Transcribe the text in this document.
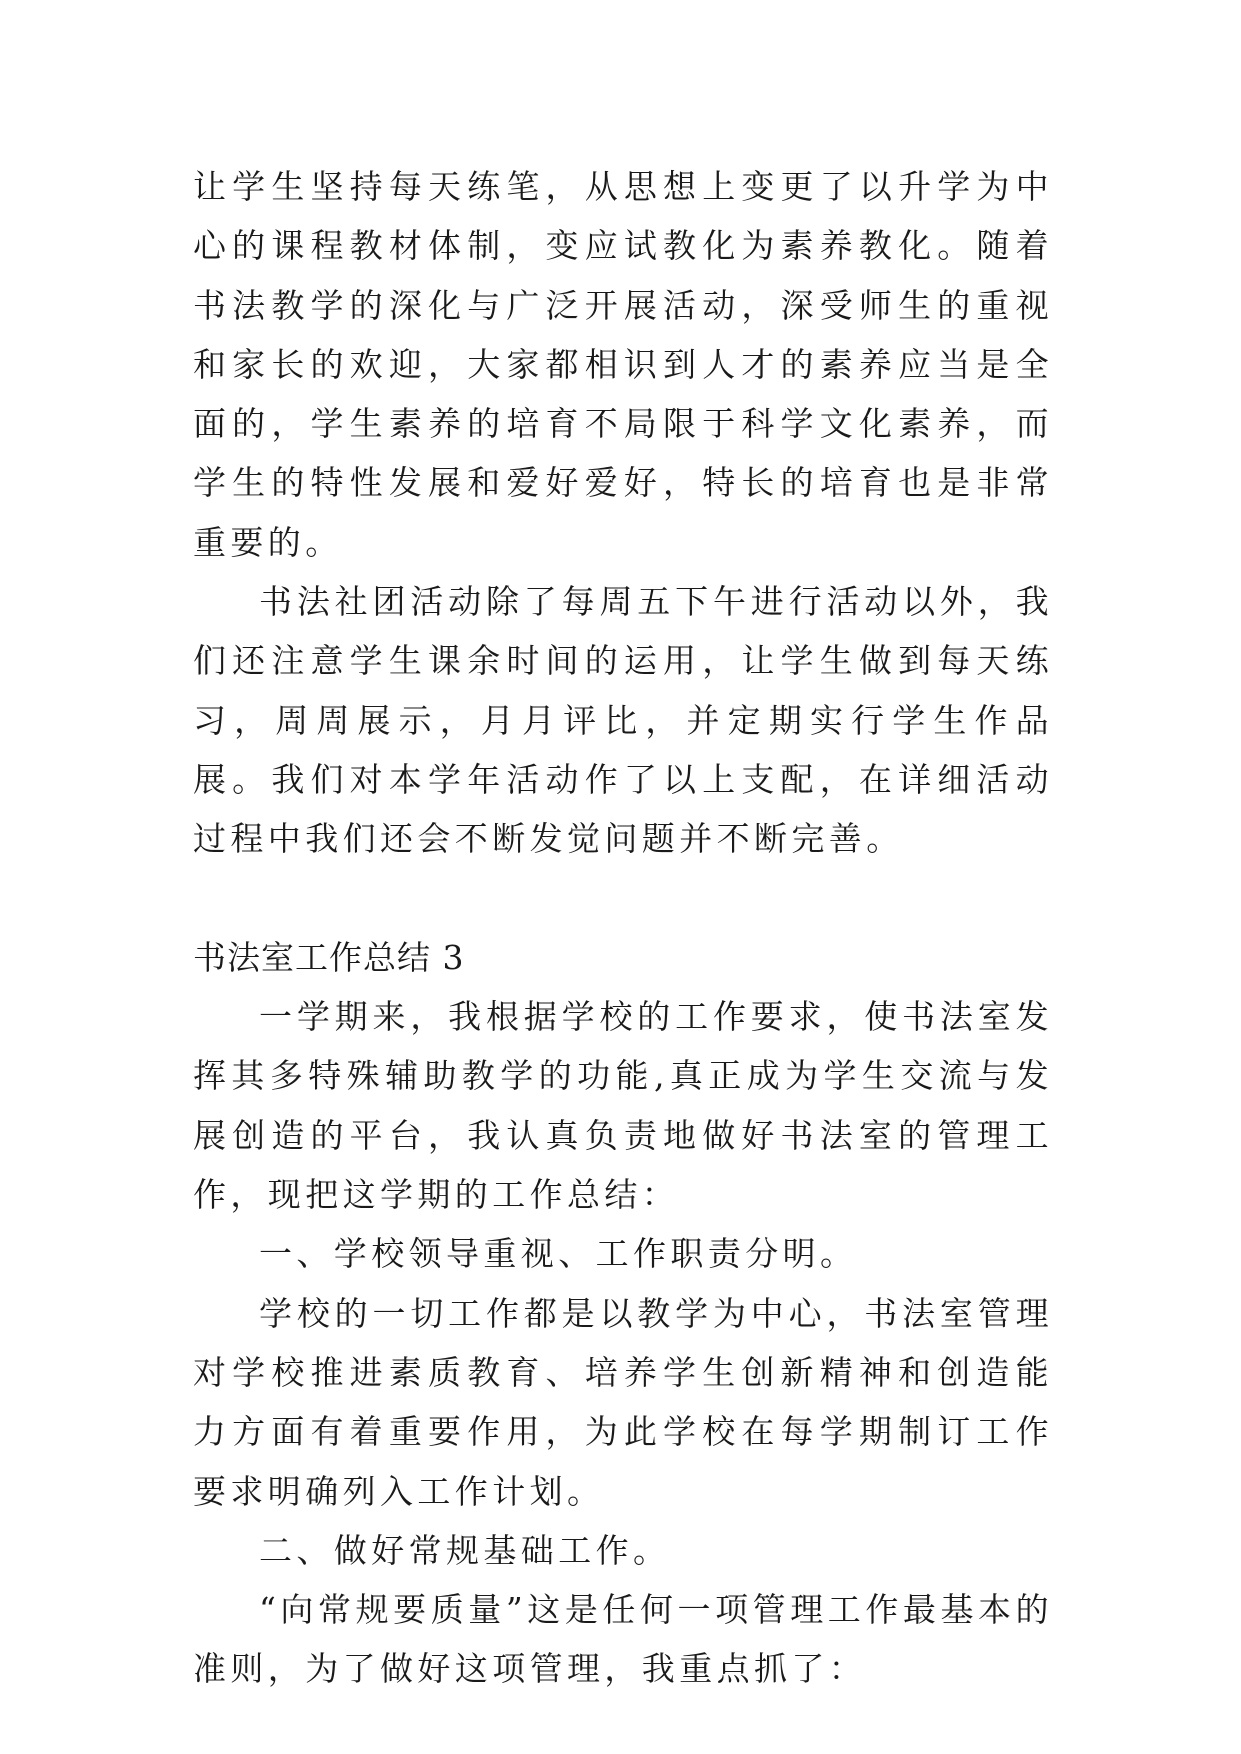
让学生坚持每天练笔，从思想上变更了以升学为中心的课程教材体制，变应试教化为素养教化。随着书法教学的深化与广泛开展活动，深受师生的重视和家长的欢迎，大家都相识到人才的素养应当是全面的，学生素养的培育不局限于科学文化素养，而学生的特性发展和爱好爱好，特长的培育也是非常重要的。

书法社团活动除了每周五下午进行活动以外，我们还注意学生课余时间的运用，让学生做到每天练习，周周展示，月月评比，并定期实行学生作品展。我们对本学年活动作了以上支配，在详细活动过程中我们还会不断发觉问题并不断完善。

书法室工作总结 3

一学期来，我根据学校的工作要求，使书法室发挥其多特殊辅助教学的功能,真正成为学生交流与发展创造的平台，我认真负责地做好书法室的管理工作，现把这学期的工作总结：

一、学校领导重视、工作职责分明。

学校的一切工作都是以教学为中心，书法室管理对学校推进素质教育、培养学生创新精神和创造能力方面有着重要作用，为此学校在每学期制订工作要求明确列入工作计划。

二、做好常规基础工作。

“向常规要质量”这是任何一项管理工作最基本的准则，为了做好这项管理，我重点抓了：
